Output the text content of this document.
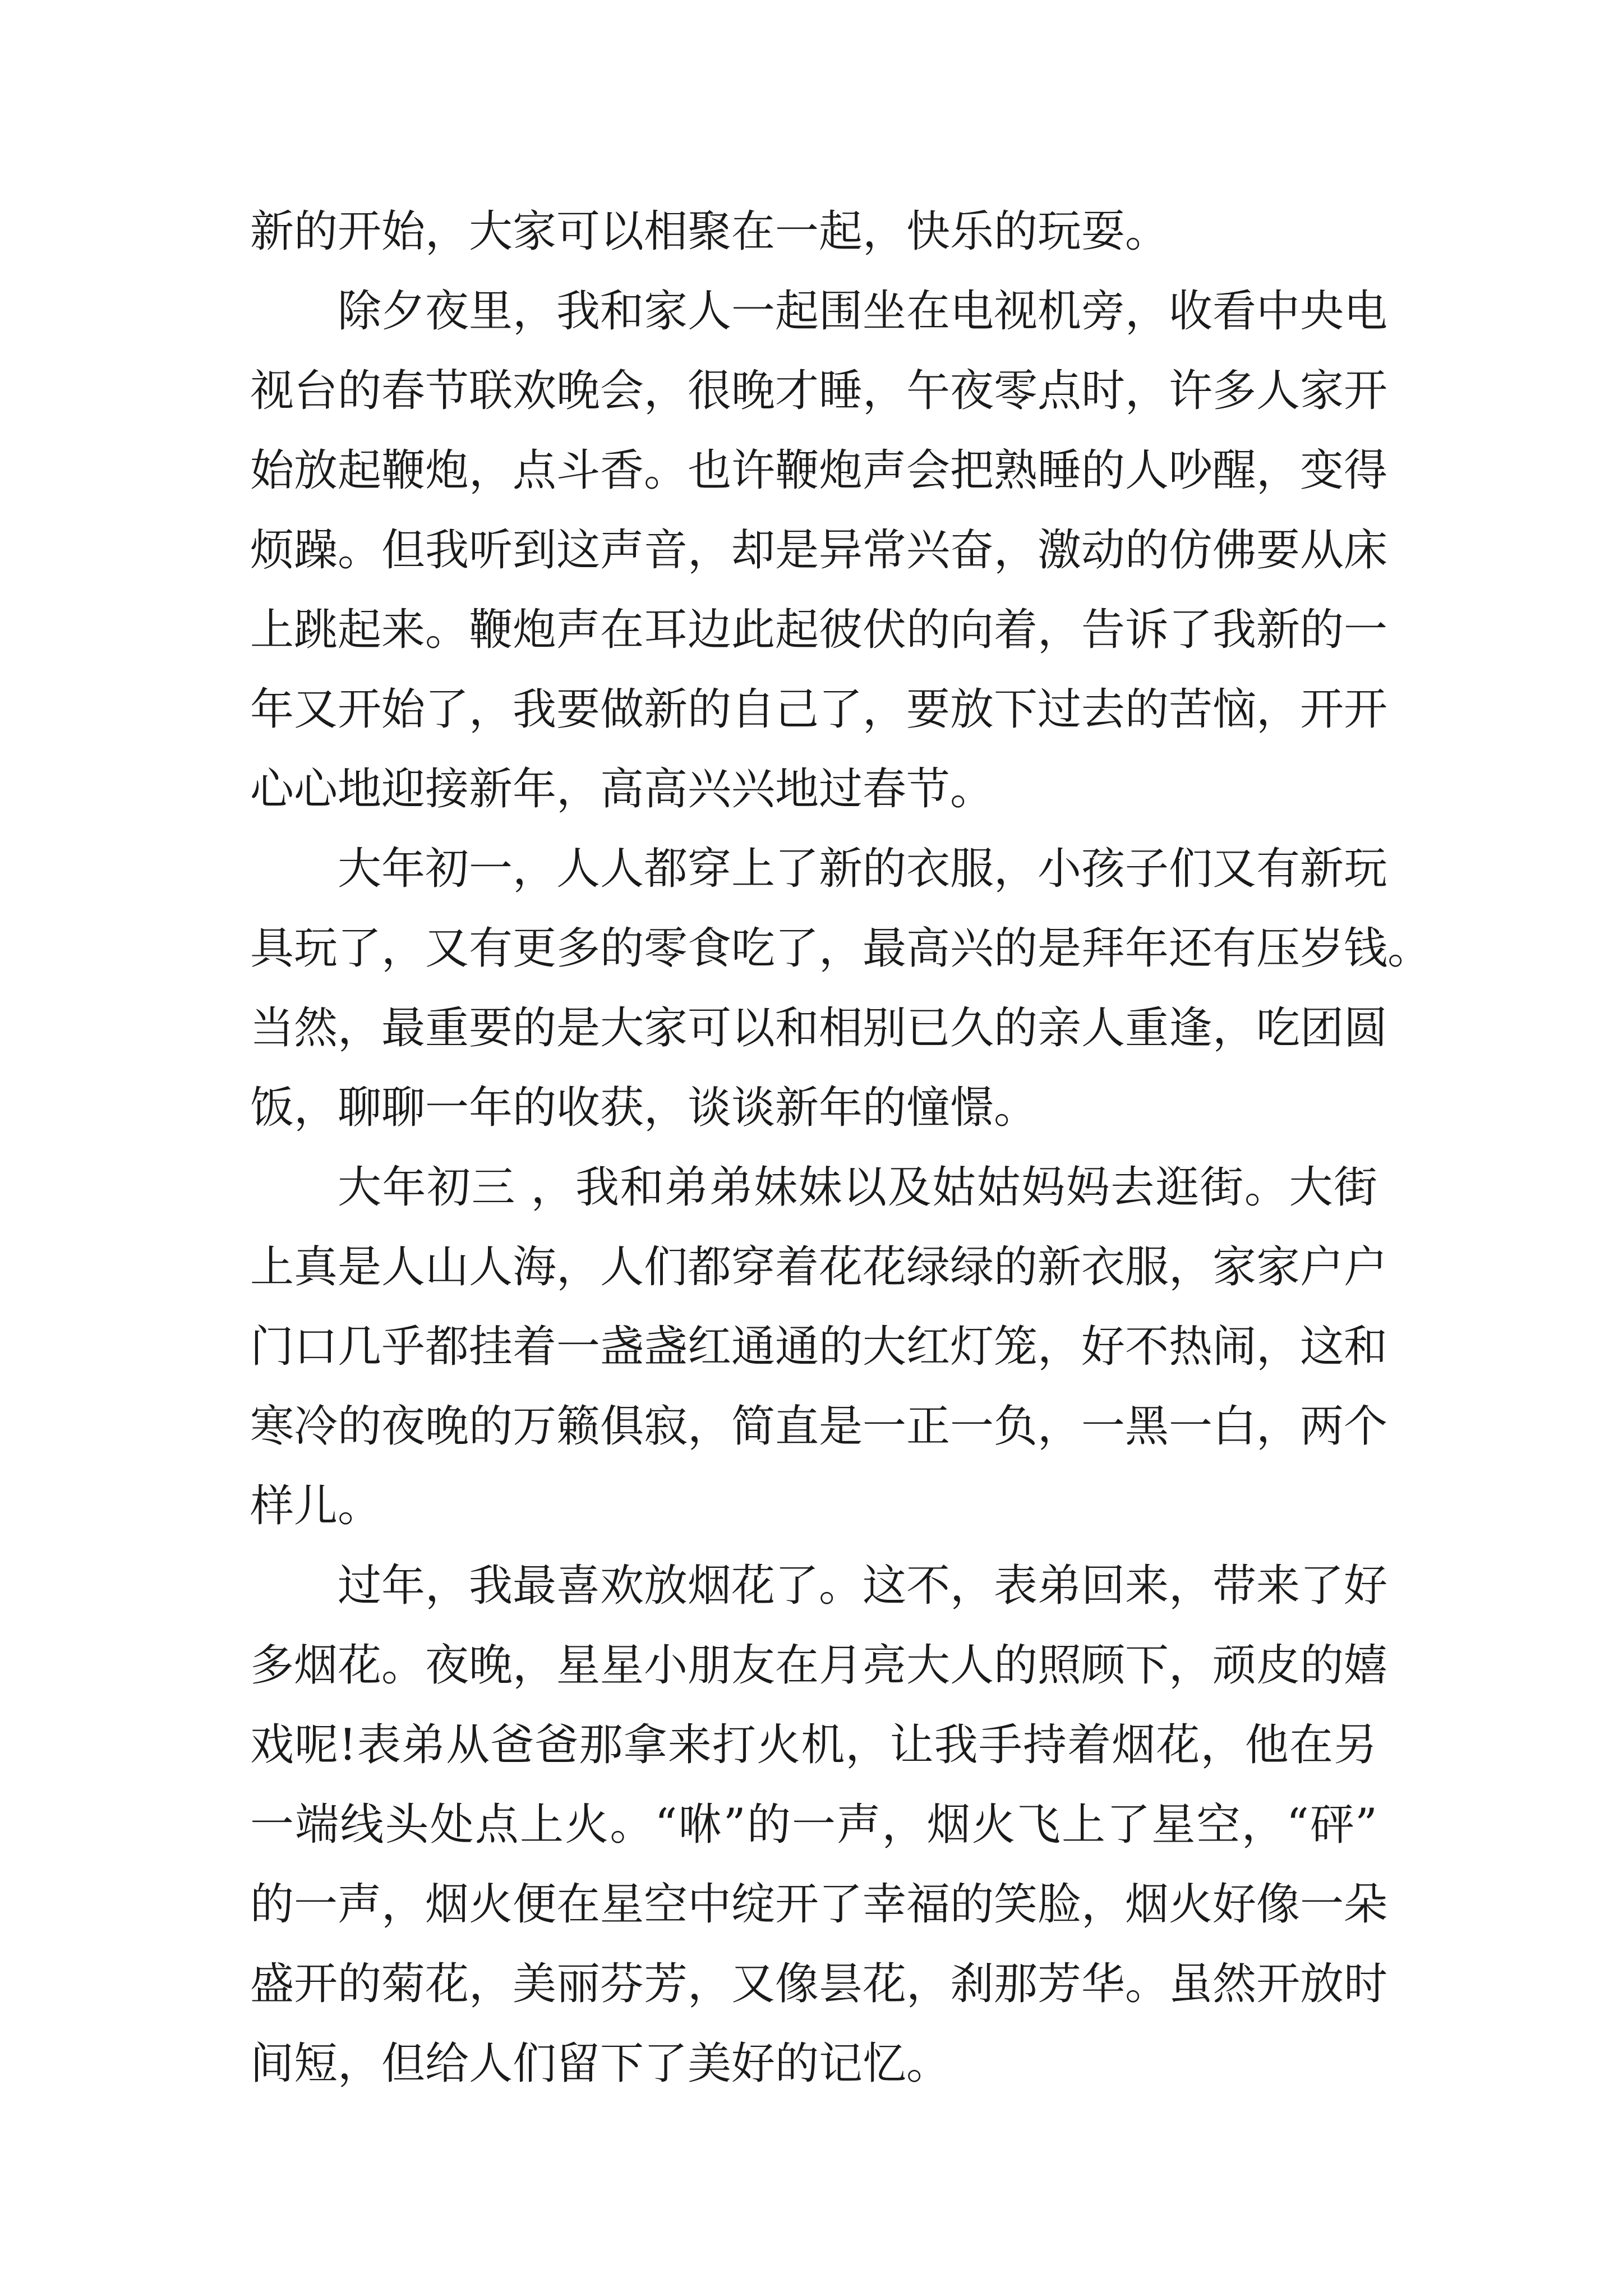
新的开始，大家可以相聚在一起，快乐的玩耍。
除夕夜里，我和家人一起围坐在电视机旁，收看中央电
视台的春节联欢晚会，很晚才睡，午夜零点时，许多人家开
始放起鞭炮，点斗香。也许鞭炮声会把熟睡的人吵醒，变得
烦躁。但我听到这声音，却是异常兴奋，激动的仿佛要从床
上跳起来。鞭炮声在耳边此起彼伏的向着，告诉了我新的一
年又开始了，我要做新的自己了，要放下过去的苦恼，开开
心心地迎接新年，高高兴兴地过春节。
大年初一，人人都穿上了新的衣服，小孩子们又有新玩
具玩了，又有更多的零食吃了，最高兴的是拜年还有压岁钱。
当然，最重要的是大家可以和相别已久的亲人重逢，吃团圆
饭，聊聊一年的收获，谈谈新年的憧憬。
大年初三 ，我和弟弟妹妹以及姑姑妈妈去逛街。大街
上真是人山人海，人们都穿着花花绿绿的新衣服，家家户户
门口几乎都挂着一盏盏红通通的大红灯笼，好不热闹，这和
寒冷的夜晚的万籁俱寂，简直是一正一负，一黑一白，两个
样儿。
过年，我最喜欢放烟花了。这不，表弟回来，带来了好
多烟花。夜晚，星星小朋友在月亮大人的照顾下，顽皮的嬉
戏呢!表弟从爸爸那拿来打火机，让我手持着烟花，他在另
一端线头处点上火。“咻”的一声，烟火飞上了星空，“砰”
的一声，烟火便在星空中绽开了幸福的笑脸，烟火好像一朵
盛开的菊花，美丽芬芳，又像昙花，刹那芳华。虽然开放时
间短，但给人们留下了美好的记忆。
